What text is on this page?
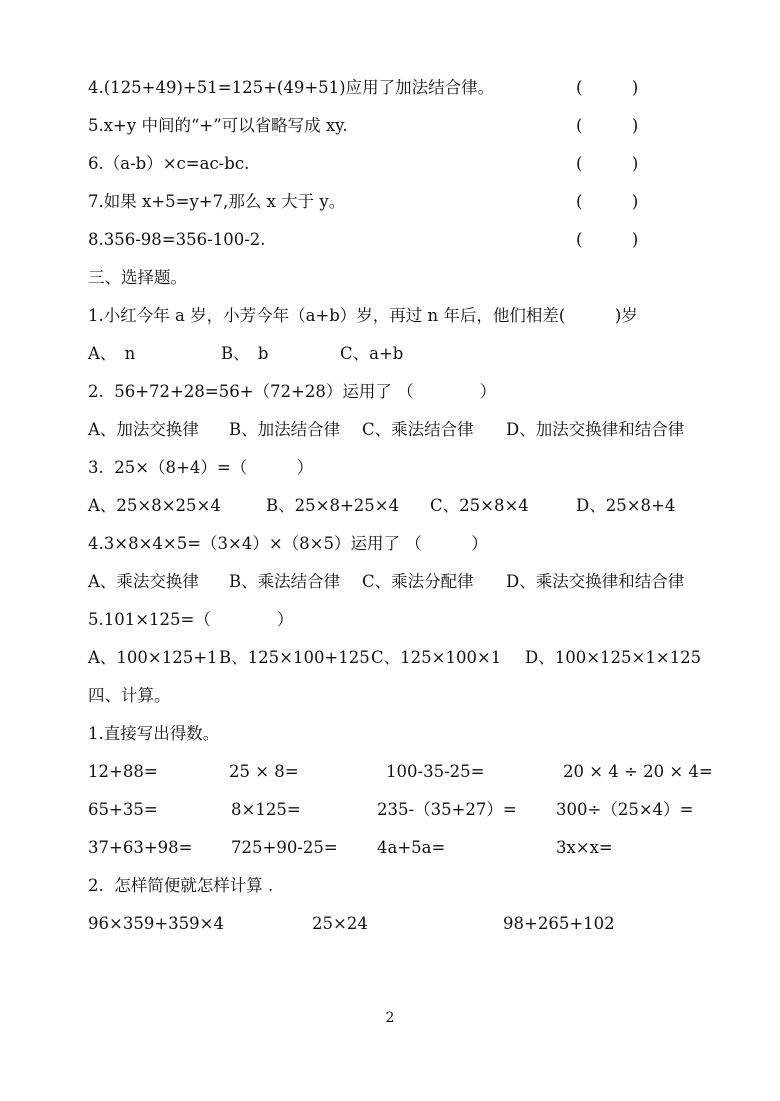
4.(125+49)+51=125+(49+51)应用了加法结合律。	(　　　)
5.x+y 中间的“+”可以省略写成 xy.	(　　　)
6.（a-b）×c=ac-bc.	(　　　)
7.如果 x+5=y+7,那么 x 大于 y。	(　　　)
8.356-98=356-100-2.	(　　　)
三、选择题。
1.小红今年 a 岁，小芳今年（a+b）岁，再过 n 年后，他们相差(　　　)岁
A、　n	B、　b	C、a+b
2.  56+72+28=56+（72+28）运用了 （　　　　）
A、加法交换律 B、加法结合律 C、乘法结合律 D、加法交换律和结合律
3.  25×（8+4）=（　　　）
A、25×8×25×4	B、25×8+25×4 C、25×8×4	D、25×8+4
4.3×8×4×5=（3×4）×（8×5）运用了 （　　　）
A、乘法交换律 B、乘法结合律 C、乘法分配律 D、乘法交换律和结合律
5.101×125=（　　　　）
A、100×125+1 B、125×100+125 C、125×100×1 D、100×125×1×125
四、计算。
1.直接写出得数。
12+88=	25 × 8=	100-35-25=	20 × 4 ÷ 20 × 4=
65+35=	8×125=	235-（35+27）= 300÷（25×4）=
37+63+98= 725+90-25= 4a+5a=	3x×x=
2.  怎样简便就怎样计算 .
96×359+359×4	25×24	98+265+102
2
